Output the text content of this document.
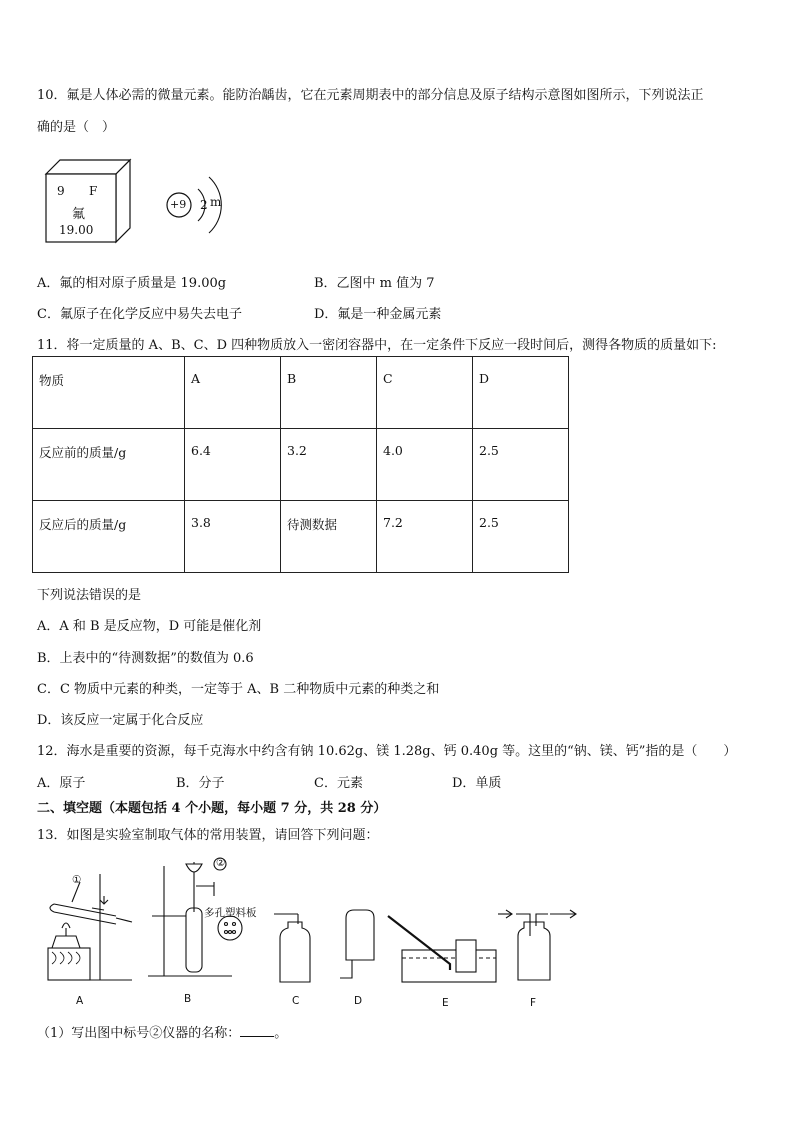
10．氟是人体必需的微量元素。能防治龋齿，它在元素周期表中的部分信息及原子结构示意图如图所示，下列说法正
确的是（　）
9 F
氟
19.00
+9 2 m
A．氟的相对原子质量是 19.00g	B．乙图中 m 值为 7
C．氟原子在化学反应中易失去电子	D．氟是一种金属元素
11．将一定质量的 A、B、C、D 四种物质放入一密闭容器中，在一定条件下反应一段时间后，测得各物质的质量如下:
物质	A	B	C	D
反应前的质量/g	6.4	3.2	4.0	2.5
反应后的质量/g	3.8	待测数据	7.2	2.5
下列说法错误的是
A．A 和 B 是反应物，D 可能是催化剂
B．上表中的“待测数据”的数值为 0.6
C．C 物质中元素的种类，一定等于 A、B 二种物质中元素的种类之和
D．该反应一定属于化合反应
12．海水是重要的资源，每千克海水中约含有钠 10.62g、镁 1.28g、钙 0.40g 等。这里的“钠、镁、钙”指的是（　　）
A．原子	B．分子	C．元素	D．单质
二、填空题（本题包括 4 个小题，每小题 7 分，共 28 分）
13．如图是实验室制取气体的常用装置，请回答下列问题：
①
②
多孔塑料板
A	B	C	D	E	F
（1）写出图中标号②仪器的名称：	。
